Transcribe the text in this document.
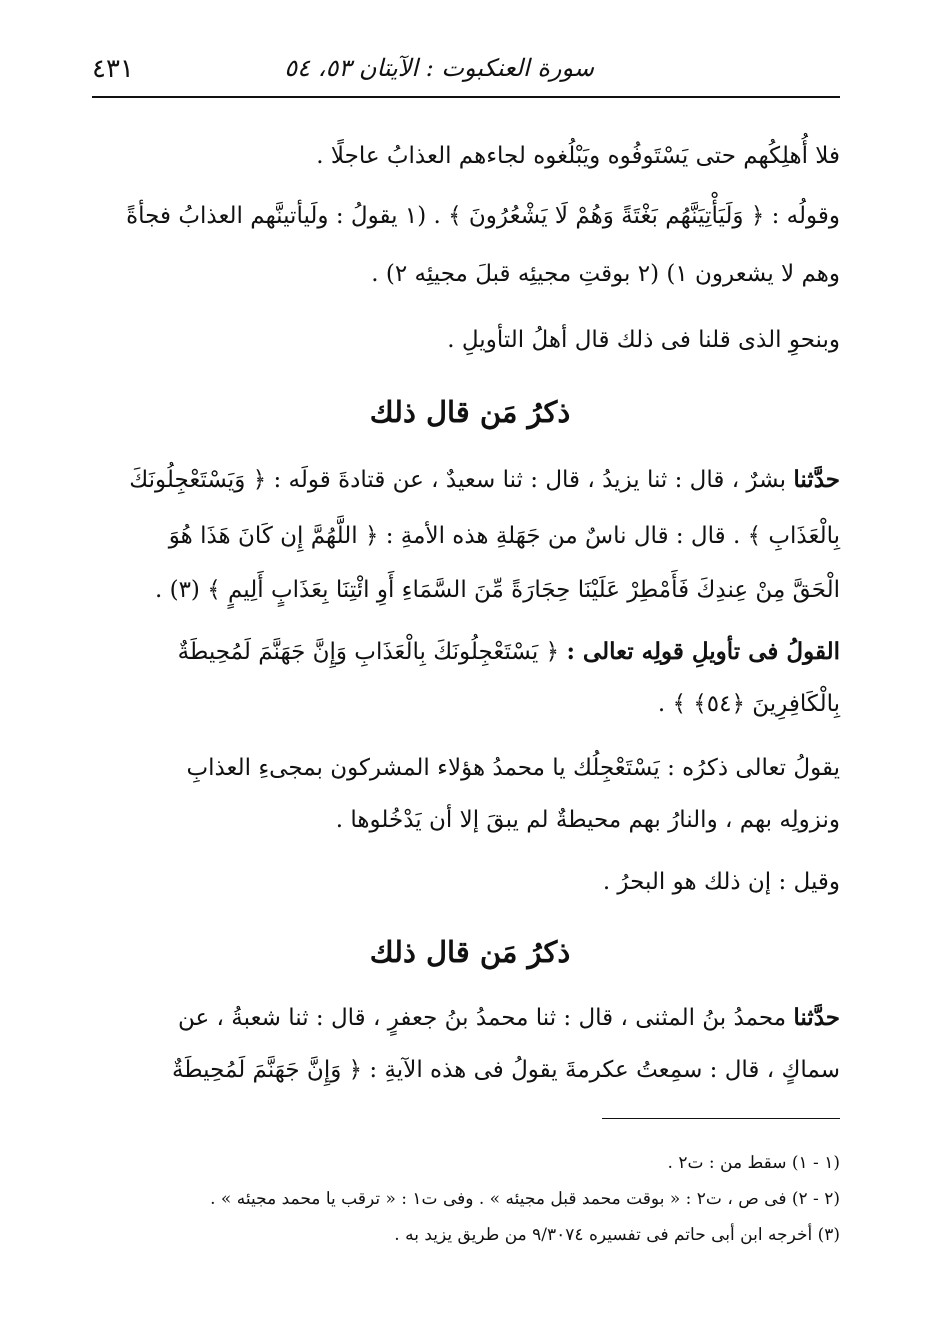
٤٣١	سورة العنكبوت : الآيتان ٥٣، ٥٤
فلا أُهلِكُهم حتى يَسْتَوفُوه ويَبْلُغوه لجاءهم العذابُ عاجلًا .
وقولُه : ﴿ وَلَيَأْتِيَنَّهُم بَغْتَةً وَهُمْ لَا يَشْعُرُونَ ﴾ . (١ يقولُ : ولَيأتينَّهم العذابُ فجأةً
وهم لا يشعرون ١) (٢ بوقتِ مجيئِه قبلَ مجيئِه ٢) .
وبنحوِ الذى قلنا فى ذلك قال أهلُ التأويلِ .
ذكرُ مَن قال ذلك
حدَّثنا بشرٌ ، قال : ثنا يزيدُ ، قال : ثنا سعيدٌ ، عن قتادةَ قولَه : ﴿ وَيَسْتَعْجِلُونَكَ
بِالْعَذَابِ ﴾ . قال : قال ناسٌ من جَهَلةِ هذه الأمةِ : ﴿ اللَّهُمَّ إِن كَانَ هَذَا هُوَ
الْحَقَّ مِنْ عِندِكَ فَأَمْطِرْ عَلَيْنَا حِجَارَةً مِّنَ السَّمَاءِ أَوِ ائْتِنَا بِعَذَابٍ أَلِيمٍ ﴾ (٣) .
القولُ فى تأويلِ قولِه تعالى : ﴿ يَسْتَعْجِلُونَكَ بِالْعَذَابِ وَإِنَّ جَهَنَّمَ لَمُحِيطَةٌ
بِالْكَافِرِينَ ﴿٥٤﴾ ﴾ .
يقولُ تعالى ذكرُه : يَسْتَعْجِلُك يا محمدُ هؤلاء المشركون بمجىءِ العذابِ
ونزولِه بهم ، والنارُ بهم محيطةٌ لم يبقَ إلا أن يَدْخُلوها .
وقيل : إن ذلك هو البحرُ .
ذكرُ مَن قال ذلك
حدَّثنا محمدُ بنُ المثنى ، قال : ثنا محمدُ بنُ جعفرٍ ، قال : ثنا شعبةُ ، عن
سماكٍ ، قال : سمِعتُ عكرمةَ يقولُ فى هذه الآيةِ : ﴿ وَإِنَّ جَهَنَّمَ لَمُحِيطَةٌ
(١ - ١) سقط من : ت٢ .
(٢ - ٢) فى ص ، ت٢ : « بوقت محمد قبل مجيئه » . وفى ت١ : « ترقب يا محمد مجيئه » .
(٣) أخرجه ابن أبى حاتم فى تفسيره ٩/٣٠٧٤ من طريق يزيد به .
